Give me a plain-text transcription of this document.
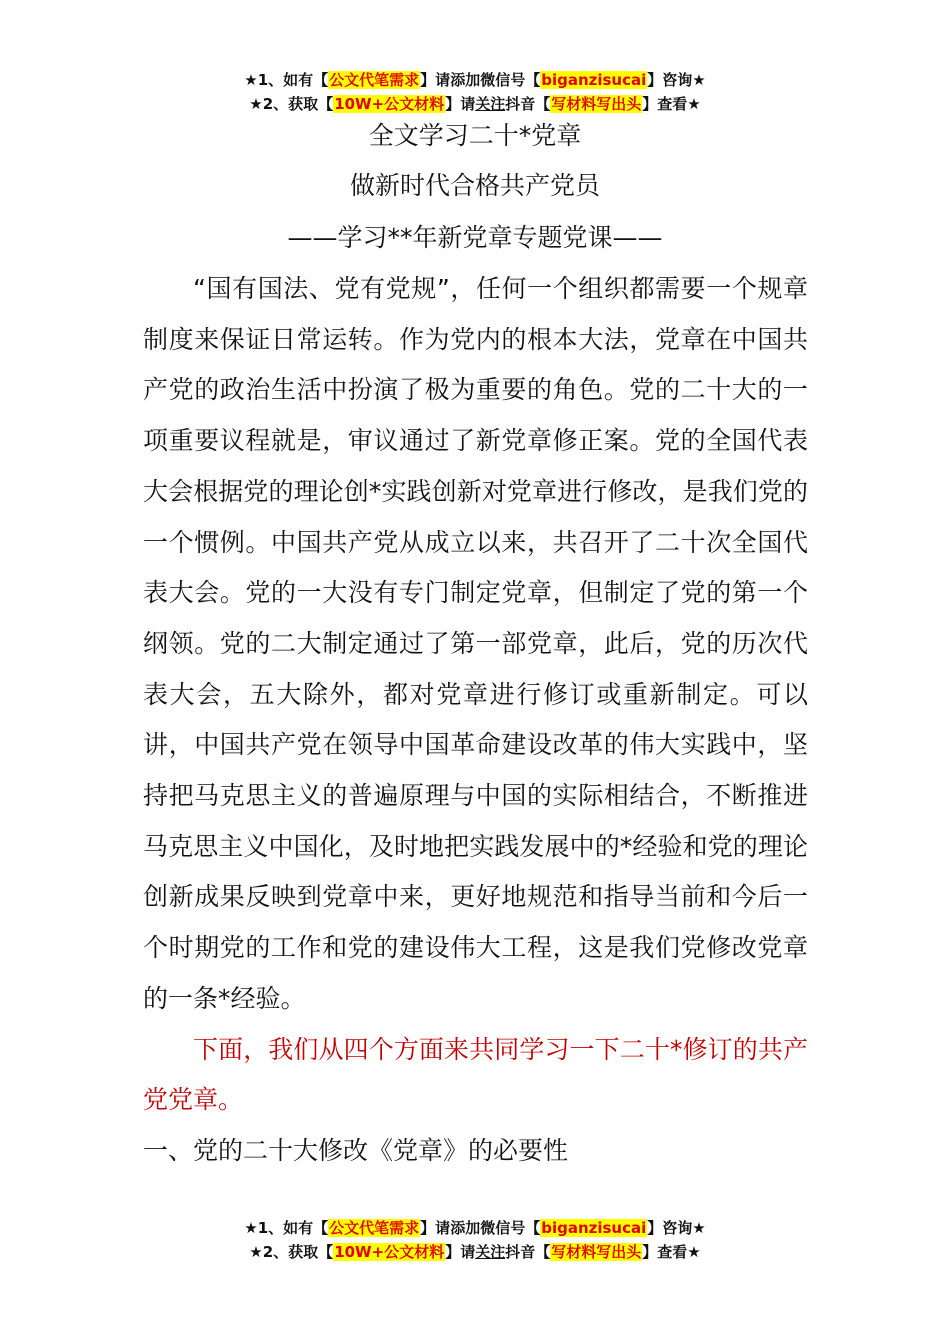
★1、如有【公文代笔需求】请添加微信号【biganzisucai】咨询★
★2、获取【10W+公文材料】请关注抖音【写材料写出头】查看★
全文学习二十*党章
做新时代合格共产党员
——学习**年新党章专题党课——

“国有国法、党有党规”，任何一个组织都需要一个规章制度来保证日常运转。作为党内的根本大法，党章在中国共产党的政治生活中扮演了极为重要的角色。党的二十大的一项重要议程就是，审议通过了新党章修正案。党的全国代表大会根据党的理论创*实践创新对党章进行修改，是我们党的一个惯例。中国共产党从成立以来，共召开了二十次全国代表大会。党的一大没有专门制定党章，但制定了党的第一个纲领。党的二大制定通过了第一部党章，此后，党的历次代表大会，五大除外，都对党章进行修订或重新制定。可以讲，中国共产党在领导中国革命建设改革的伟大实践中，坚持把马克思主义的普遍原理与中国的实际相结合，不断推进马克思主义中国化，及时地把实践发展中的*经验和党的理论创新成果反映到党章中来，更好地规范和指导当前和今后一个时期党的工作和党的建设伟大工程，这是我们党修改党章的一条*经验。

下面，我们从四个方面来共同学习一下二十*修订的共产党党章。

一、党的二十大修改《党章》的必要性

★1、如有【公文代笔需求】请添加微信号【biganzisucai】咨询★
★2、获取【10W+公文材料】请关注抖音【写材料写出头】查看★
